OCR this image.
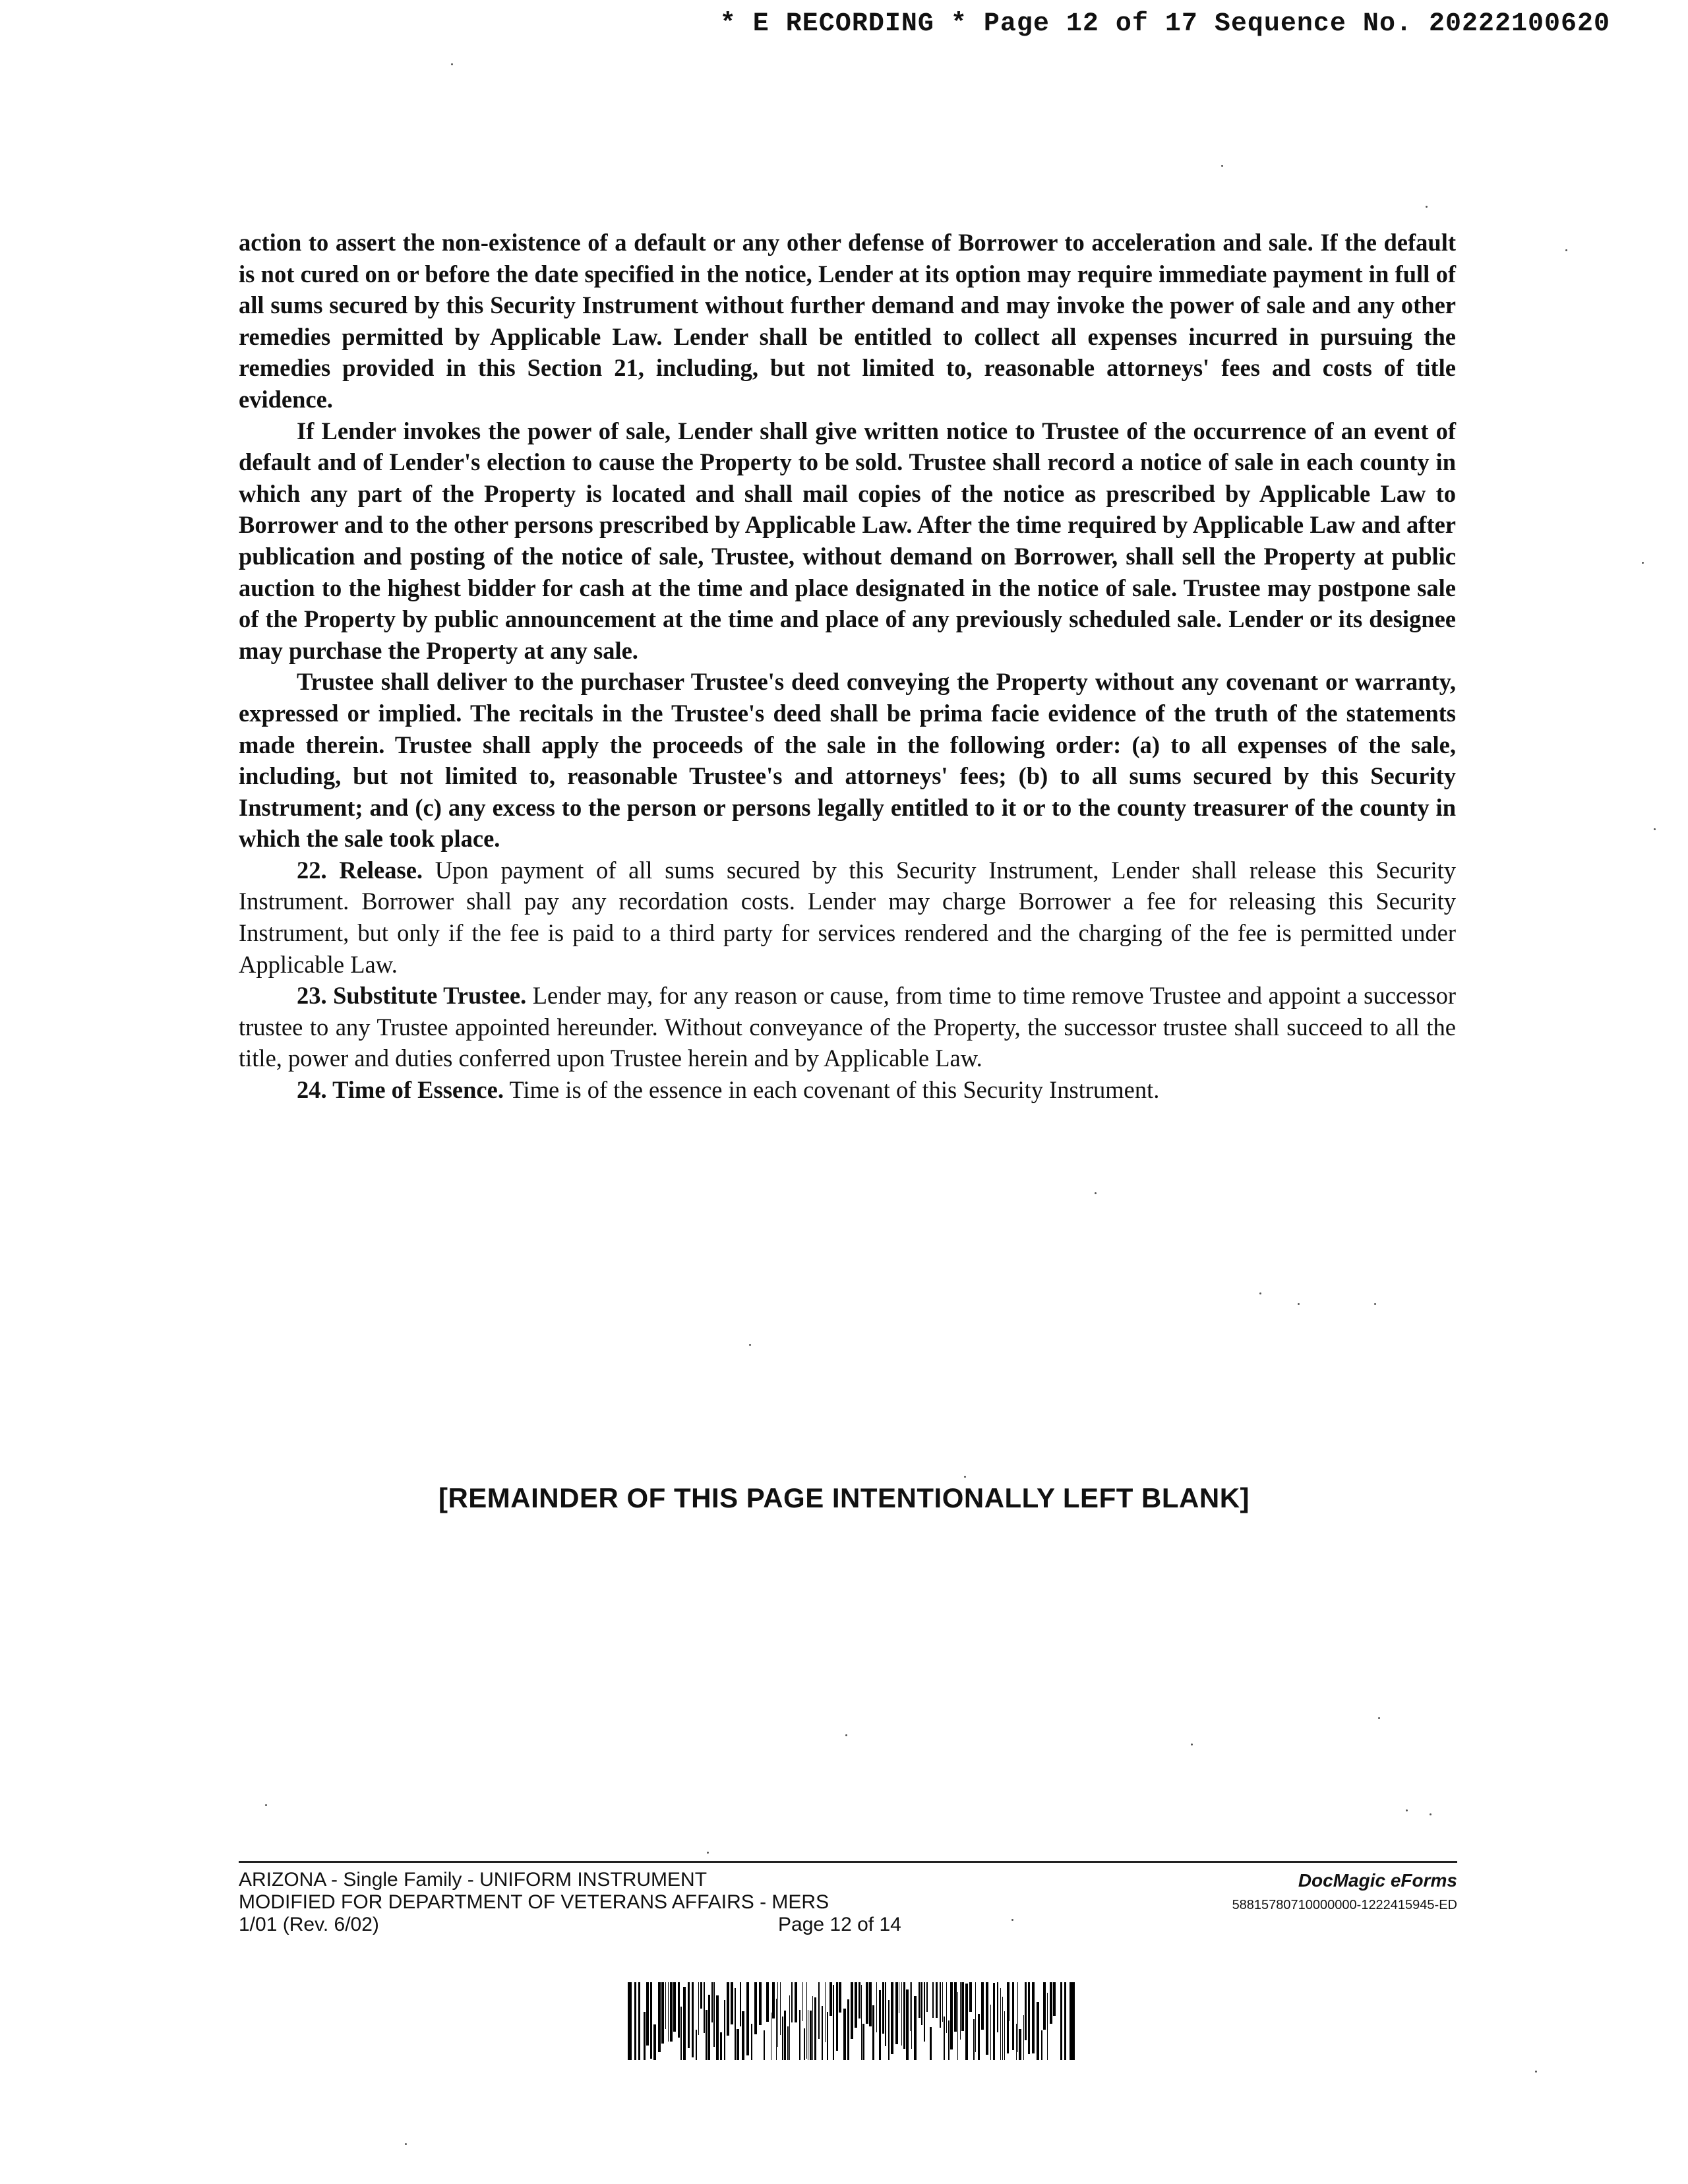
* E RECORDING * Page 12 of 17 Sequence No. 20222100620

action to assert the non-existence of a default or any other defense of Borrower to acceleration and sale. If the default is not cured on or before the date specified in the notice, Lender at its option may require immediate payment in full of all sums secured by this Security Instrument without further demand and may invoke the power of sale and any other remedies permitted by Applicable Law. Lender shall be entitled to collect all expenses incurred in pursuing the remedies provided in this Section 21, including, but not limited to, reasonable attorneys' fees and costs of title evidence.

If Lender invokes the power of sale, Lender shall give written notice to Trustee of the occurrence of an event of default and of Lender's election to cause the Property to be sold. Trustee shall record a notice of sale in each county in which any part of the Property is located and shall mail copies of the notice as prescribed by Applicable Law to Borrower and to the other persons prescribed by Applicable Law. After the time required by Applicable Law and after publication and posting of the notice of sale, Trustee, without demand on Borrower, shall sell the Property at public auction to the highest bidder for cash at the time and place designated in the notice of sale. Trustee may postpone sale of the Property by public announcement at the time and place of any previously scheduled sale. Lender or its designee may purchase the Property at any sale.

Trustee shall deliver to the purchaser Trustee's deed conveying the Property without any covenant or warranty, expressed or implied. The recitals in the Trustee's deed shall be prima facie evidence of the truth of the statements made therein. Trustee shall apply the proceeds of the sale in the following order: (a) to all expenses of the sale, including, but not limited to, reasonable Trustee's and attorneys' fees; (b) to all sums secured by this Security Instrument; and (c) any excess to the person or persons legally entitled to it or to the county treasurer of the county in which the sale took place.

22. Release. Upon payment of all sums secured by this Security Instrument, Lender shall release this Security Instrument. Borrower shall pay any recordation costs. Lender may charge Borrower a fee for releasing this Security Instrument, but only if the fee is paid to a third party for services rendered and the charging of the fee is permitted under Applicable Law.

23. Substitute Trustee. Lender may, for any reason or cause, from time to time remove Trustee and appoint a successor trustee to any Trustee appointed hereunder. Without conveyance of the Property, the successor trustee shall succeed to all the title, power and duties conferred upon Trustee herein and by Applicable Law.

24. Time of Essence. Time is of the essence in each covenant of this Security Instrument.

[REMAINDER OF THIS PAGE INTENTIONALLY LEFT BLANK]
ARIZONA - Single Family - UNIFORM INSTRUMENT
MODIFIED FOR DEPARTMENT OF VETERANS AFFAIRS - MERS
1/01 (Rev. 6/02)	Page 12 of 14
DocMagic eForms
58815780710000000-1222415945-ED
